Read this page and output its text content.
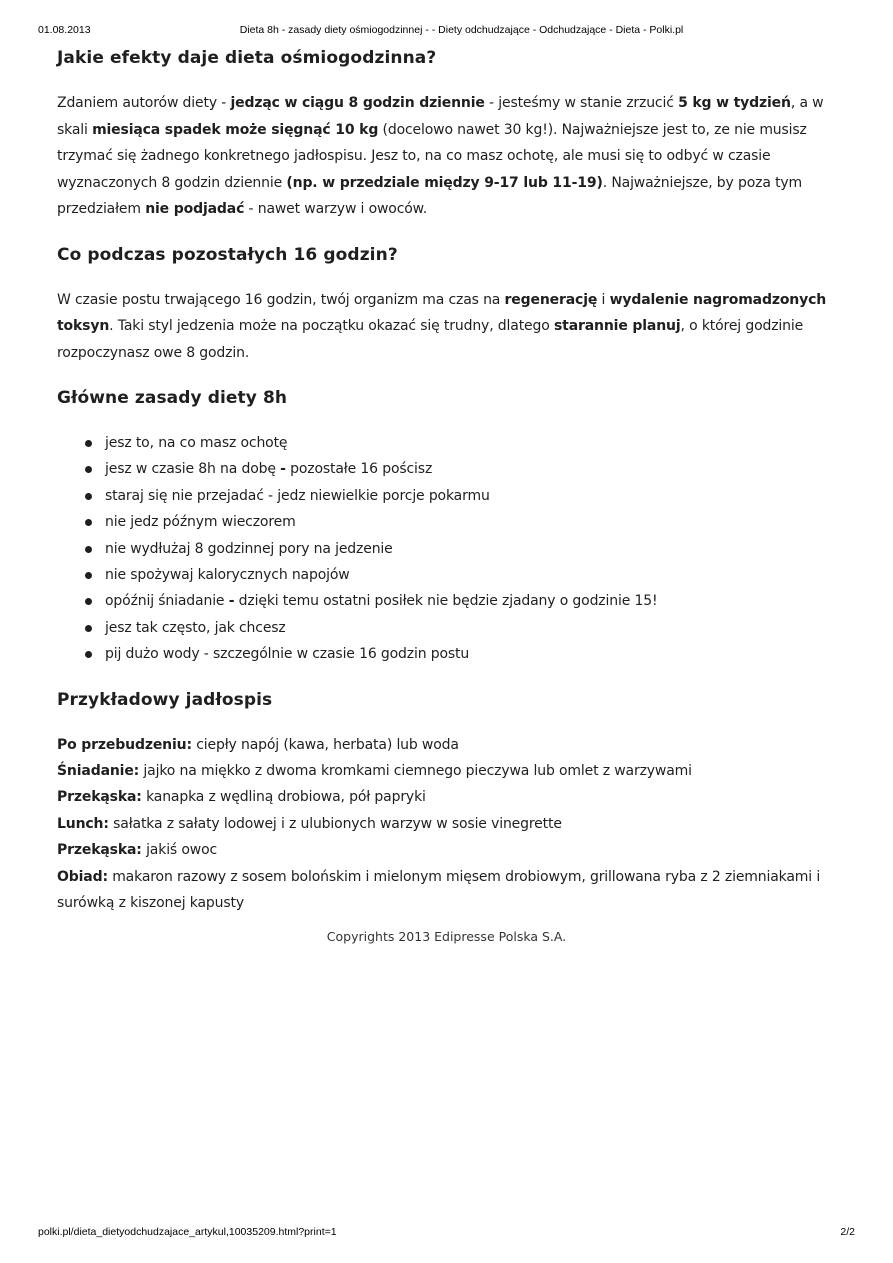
01.08.2013	Dieta 8h - zasady diety ośmiogodzinnej - - Diety odchudzające - Odchudzające - Dieta - Polki.pl
Jakie efekty daje dieta ośmiogodzinna?

Zdaniem autorów diety - jedząc w ciągu 8 godzin dziennie - jesteśmy w stanie zrzucić 5 kg w tydzień, a w skali miesiąca spadek może sięgnąć 10 kg (docelowo nawet 30 kg!). Najważniejsze jest to, ze nie musisz trzymać się żadnego konkretnego jadłospisu. Jesz to, na co masz ochotę, ale musi się to odbyć w czasie wyznaczonych 8 godzin dziennie (np. w przedziale między 9-17 lub 11-19). Najważniejsze, by poza tym przedziałem nie podjadać - nawet warzyw i owoców.

Co podczas pozostałych 16 godzin?

W czasie postu trwającego 16 godzin, twój organizm ma czas na regenerację i wydalenie nagromadzonych toksyn. Taki styl jedzenia może na początku okazać się trudny, dlatego starannie planuj, o której godzinie rozpoczynasz owe 8 godzin.

Główne zasady diety 8h
jesz to, na co masz ochotę
jesz w czasie 8h na dobę - pozostałe 16 pościsz
staraj się nie przejadać - jedz niewielkie porcje pokarmu
nie jedz późnym wieczorem
nie wydłużaj 8 godzinnej pory na jedzenie
nie spożywaj kalorycznych napojów
opóźnij śniadanie - dzięki temu ostatni posiłek nie będzie zjadany o godzinie 15!
jesz tak często, jak chcesz
pij dużo wody - szczególnie w czasie 16 godzin postu
Przykładowy jadłospis

Po przebudzeniu: ciepły napój (kawa, herbata) lub woda

Śniadanie: jajko na miękko z dwoma kromkami ciemnego pieczywa lub omlet z warzywami

Przekąska: kanapka z wędliną drobiowa, pół papryki

Lunch: sałatka z sałaty lodowej i z ulubionych warzyw w sosie vinegrette

Przekąska: jakiś owoc

Obiad: makaron razowy z sosem bolońskim i mielonym mięsem drobiowym, grillowana ryba z 2 ziemniakami i surówką z kiszonej kapusty

Copyrights 2013 Edipresse Polska S.A.
polki.pl/dieta_dietyodchudzajace_artykul,10035209.html?print=1	2/2
